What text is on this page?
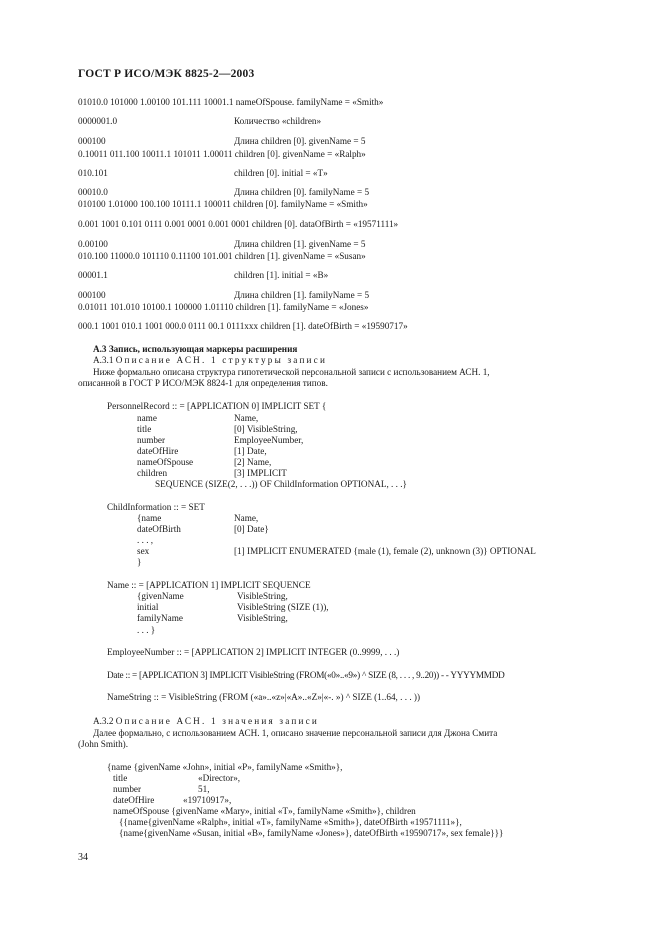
ГОСТ Р ИСО/МЭК 8825-2—2003
01010.0 101000 1.00100 101.111 10001.1 nameOfSpouse. familyName = «Smith»
0000001.0	Количество «children»
000100	Длина children [0]. givenName = 5
0.10011 011.100 10011.1 101011 1.00011 children [0]. givenName = «Ralph»
010.101	children [0]. initial = «T»
00010.0	Длина children [0]. familyName = 5
010100 1.01000 100.100 10111.1 100011 children [0]. familyName = «Smith»
0.001 1001 0.101 0111 0.001 0001 0.001 0001 children [0]. dataOfBirth = «19571111»
0.00100	Длина children [1]. givenName = 5
010.100 11000.0 101110 0.11100 101.001 children [1]. givenName = «Susan»
00001.1	children [1]. initial = «B»
000100	Длина children [1]. familyName = 5
0.01011 101.010 10100.1 100000 1.01110 children [1]. familyName = «Jones»
000.1 1001 010.1 1001 000.0 0111 00.1 0111xxx children [1]. dateOfBirth = «19590717»
A.3 Запись, использующая маркеры расширения
A.3.1 Описание АСН. 1 структуры записи
Ниже формально описана структура гипотетической персональной записи с использованием АСН. 1,
описанной в ГОСТ Р ИСО/МЭК 8824-1 для определения типов.
PersonnelRecord :: = [APPLICATION 0] IMPLICIT SET {
name	Name,
title	[0] VisibleString,
number	EmployeeNumber,
dateOfHire	[1] Date,
nameOfSpouse	[2] Name,
children	[3] IMPLICIT
SEQUENCE (SIZE(2, . . .)) OF ChildInformation OPTIONAL, . . .}
ChildInformation :: = SET
{name	Name,
dateOfBirth	[0] Date}
. . . ,
sex	[1] IMPLICIT ENUMERATED {male (1), female (2), unknown (3)} OPTIONAL
}
Name :: = [APPLICATION 1] IMPLICIT SEQUENCE
{givenName	VisibleString,
initial	VisibleString (SIZE (1)),
familyName	VisibleString,
. . . }
EmployeeNumber :: = [APPLICATION 2] IMPLICIT INTEGER (0..9999, . . .)
Date :: = [APPLICATION 3] IMPLICIT VisibleString (FROM(«0»..«9») ^ SIZE (8, . . . , 9..20)) - - YYYYMMDD
NameString :: = VisibleString (FROM («a»..«z»|«A»..«Z»|«-. ») ^ SIZE (1..64, . . . ))
A.3.2 Описание АСН. 1 значения записи
Далее формально, с использованием АСН. 1, описано значение персональной записи для Джона Смита
(John Smith).
{name {givenName «John», initial «P», familyName «Smith»},
title	«Director»,
number	51,
dateOfHire	«19710917»,
nameOfSpouse {givenName «Mary», initial «T», familyName «Smith»}, children
{{name{givenName «Ralph», initial «T», familyName «Smith»}, dateOfBirth «19571111»},
{name{givenName «Susan, initial «B», familyName «Jones»}, dateOfBirth «19590717», sex female}}}
34
